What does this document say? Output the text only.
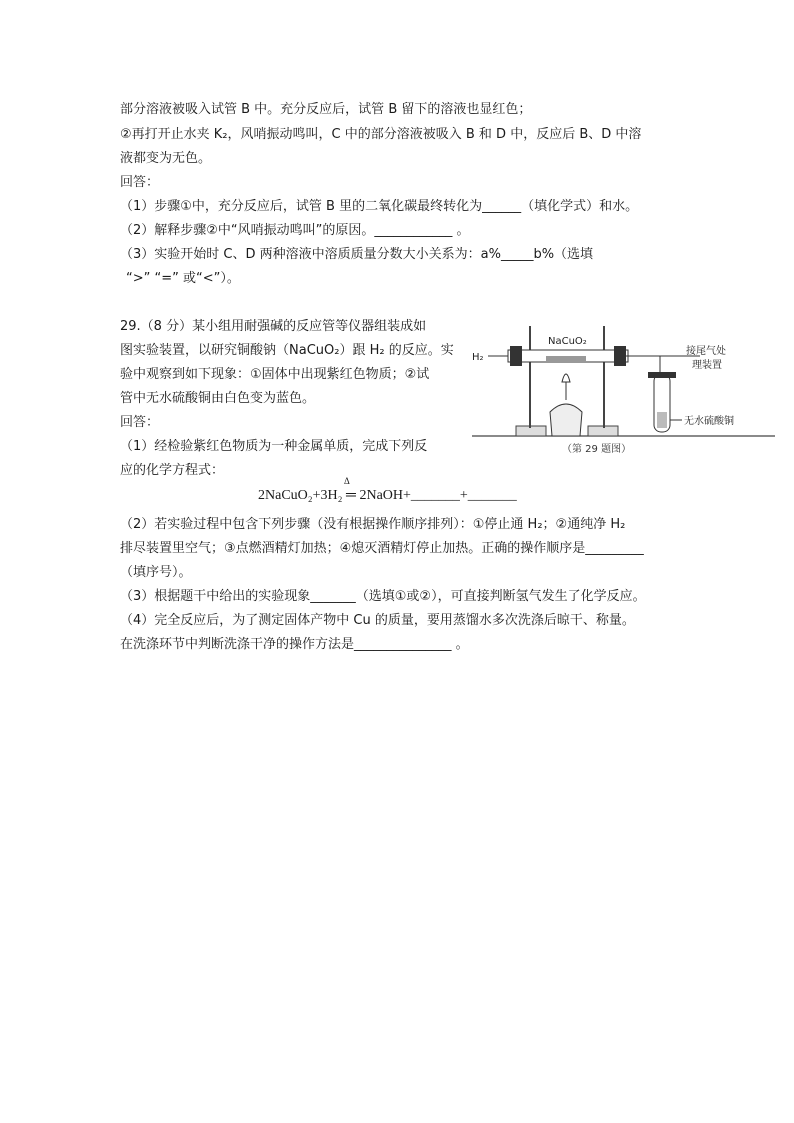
部分溶液被吸入试管 B 中。充分反应后，试管 B 留下的溶液也显红色；
②再打开止水夹 K₂，风哨振动鸣叫，C 中的部分溶液被吸入 B 和 D 中，反应后 B、D 中溶
液都变为无色。
回答：
（1）步骤①中，充分反应后，试管 B 里的二氧化碳最终转化为______（填化学式）和水。
（2）解释步骤②中“风哨振动鸣叫”的原因。____________ 。
（3）实验开始时 C、D 两种溶液中溶质质量分数大小关系为：a%_____b%（选填
“>” “=” 或“<”）。
29.（8 分）某小组用耐强碱的反应管等仪器组装成如
图实验装置，以研究铜酸钠（NaCuO₂）跟 H₂ 的反应。实
验中观察到如下现象：①固体中出现紫红色物质；②试
管中无水硫酸铜由白色变为蓝色。
回答：
（1）经检验紫红色物质为一种金属单质，完成下列反
应的化学方程式：
Δ
2NaCuO₂+3H₂ ═ 2NaOH+_______+_______
（2）若实验过程中包含下列步骤（没有根据操作顺序排列）：①停止通 H₂；②通纯净 H₂
排尽装置里空气；③点燃酒精灯加热；④熄灭酒精灯停止加热。正确的操作顺序是_________
（填序号）。
（3）根据题干中给出的实验现象_______（选填①或②），可直接判断氢气发生了化学反应。
（4）完全反应后，为了测定固体产物中 Cu 的质量，要用蒸馏水多次洗涤后晾干、称量。
在洗涤环节中判断洗涤干净的操作方法是_______________ 。
H₂
NaCuO₂
接尾气处
理装置
无水硫酸铜
（第 29 题图）
